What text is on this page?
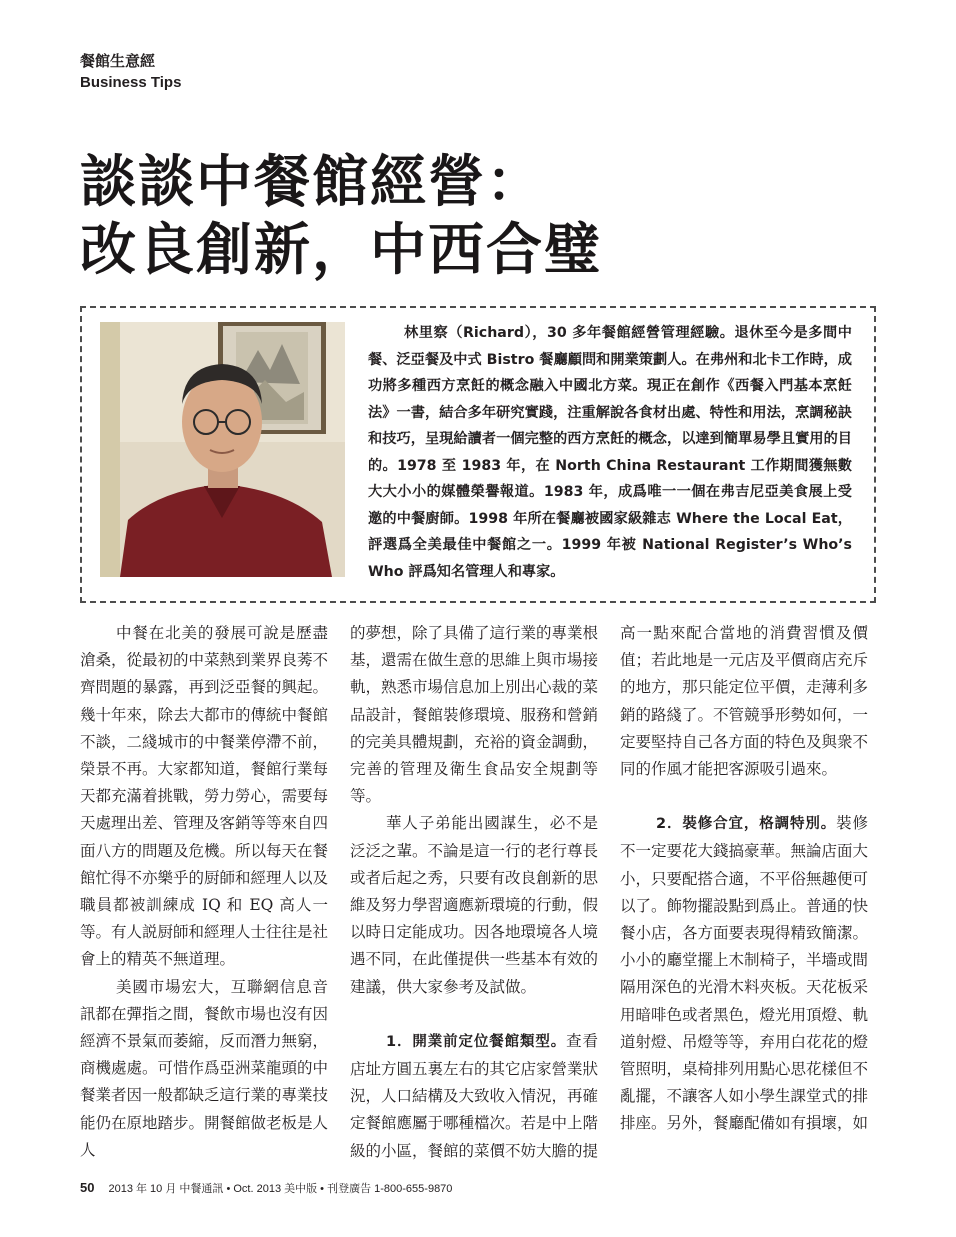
餐館生意經
Business Tips
談談中餐館經營：
改良創新，中西合璧
林里察（Richard），30 多年餐館經營管理經驗。退休至今是多間中餐、泛亞餐及中式 Bistro 餐廳顧問和開業策劃人。在弗州和北卡工作時，成功將多種西方烹飪的概念融入中國北方菜。現正在創作《西餐入門基本烹飪法》一書，結合多年研究實踐，注重解說各食材出處、特性和用法，烹調秘訣和技巧，呈現給讀者一個完整的西方烹飪的概念，以達到簡單易學且實用的目的。1978 至 1983 年，在 North China Restaurant 工作期間獲無數大大小小的媒體榮譽報道。1983 年，成爲唯一一個在弗吉尼亞美食展上受邀的中餐廚師。1998 年所在餐廳被國家級雜志 Where the Local Eat，評選爲全美最佳中餐館之一。1999 年被 National Register’s Who’s Who 評爲知名管理人和專家。

中餐在北美的發展可說是歷盡滄桑，從最初的中菜熱到業界良莠不齊問題的暴露，再到泛亞餐的興起。幾十年來，除去大都市的傳統中餐館不談，二綫城市的中餐業停滯不前，榮景不再。大家都知道，餐館行業每天都充滿着挑戰，勞力勞心，需要每天處理出差、管理及客銷等等來自四面八方的問題及危機。所以每天在餐館忙得不亦樂乎的厨師和經理人以及職員都被訓練成 IQ 和 EQ 高人一等。有人説厨師和經理人士往往是社會上的精英不無道理。

美國市場宏大，互聯網信息音訊都在彈指之間，餐飲市場也沒有因經濟不景氣而萎縮，反而潛力無窮，商機處處。可惜作爲亞洲菜龍頭的中餐業者因一般都缺乏這行業的專業技能仍在原地踏步。開餐館做老板是人人

的夢想，除了具備了這行業的專業根基，還需在做生意的思維上與市場接軌，熟悉市場信息加上別出心裁的菜品設計，餐館裝修環境、服務和營銷的完美具體規劃，充裕的資金調動，完善的管理及衛生食品安全規劃等等。

華人子弟能出國謀生，必不是泛泛之輩。不論是這一行的老行尊長或者后起之秀，只要有改良創新的思維及努力學習適應新環境的行動，假以時日定能成功。因各地環境各人境遇不同，在此僅提供一些基本有效的建議，供大家參考及試做。

1．開業前定位餐館類型。查看店址方圓五裏左右的其它店家營業狀況，人口結構及大致收入情況，再確定餐館應屬于哪種檔次。若是中上階級的小區，餐館的菜價不妨大膽的提

高一點來配合當地的消費習慣及價值；若此地是一元店及平價商店充斥的地方，那只能定位平價，走薄利多銷的路綫了。不管競爭形勢如何，一定要堅持自己各方面的特色及與衆不同的作風才能把客源吸引過來。

2．裝修合宜，格調特別。裝修不一定要花大錢搞豪華。無論店面大小，只要配搭合適，不平俗無趣便可以了。飾物擺設點到爲止。普通的快餐小店，各方面要表現得精致簡潔。小小的廳堂擺上木制椅子，半墻或間隔用深色的光滑木料夾板。天花板采用暗啡色或者黑色，燈光用頂燈、軌道射燈、吊燈等等，弃用白花花的燈管照明，桌椅排列用點心思花樣但不亂擺，不讓客人如小學生課堂式的排排座。另外，餐廳配備如有損壞，如

50 2013 年 10 月 中餐通訊 • Oct. 2013 美中版 • 刊登廣告 1-800-655-9870
